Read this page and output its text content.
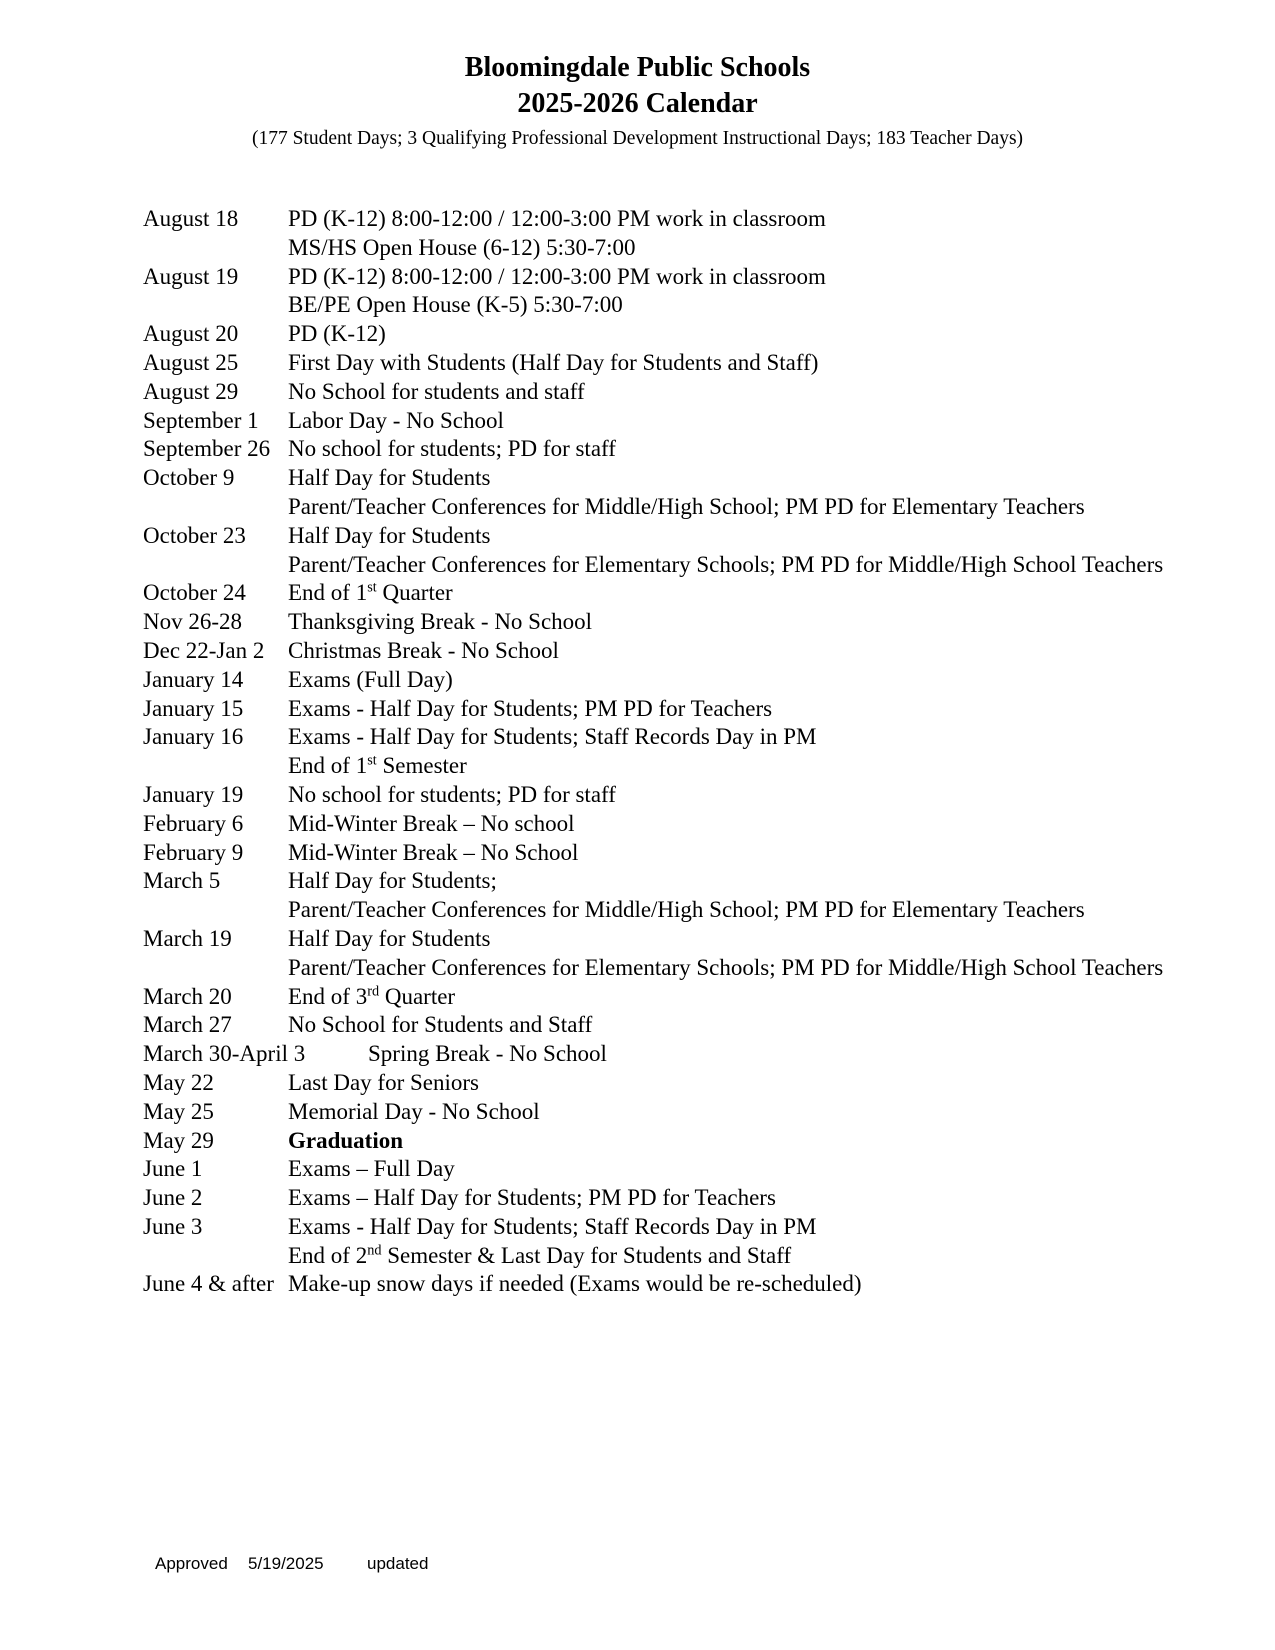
Bloomingdale Public Schools
2025-2026 Calendar

(177 Student Days; 3 Qualifying Professional Development Instructional Days; 183 Teacher Days)

August 18	PD (K-12) 8:00-12:00 / 12:00-3:00 PM work in classroom
MS/HS Open House (6-12) 5:30-7:00
August 19	PD (K-12) 8:00-12:00 / 12:00-3:00 PM work in classroom
BE/PE Open House (K-5) 5:30-7:00
August 20	PD (K-12)
August 25	First Day with Students (Half Day for Students and Staff)
August 29	No School for students and staff
September 1	Labor Day - No School
September 26 No school for students; PD for staff
October 9	Half Day for Students
Parent/Teacher Conferences for Middle/High School; PM PD for Elementary Teachers
October 23	Half Day for Students
Parent/Teacher Conferences for Elementary Schools; PM PD for Middle/High School Teachers
October 24	End of 1st Quarter
Nov 26-28	Thanksgiving Break - No School
Dec 22-Jan 2	Christmas Break - No School
January 14	Exams (Full Day)
January 15	Exams - Half Day for Students; PM PD for Teachers
January 16	Exams - Half Day for Students; Staff Records Day in PM
End of 1st Semester
January 19	No school for students; PD for staff
February 6	Mid-Winter Break – No school
February 9	Mid-Winter Break – No School
March 5	Half Day for Students;
Parent/Teacher Conferences for Middle/High School; PM PD for Elementary Teachers
March 19	Half Day for Students
Parent/Teacher Conferences for Elementary Schools; PM PD for Middle/High School Teachers
March 20	End of 3rd Quarter
March 27	No School for Students and Staff
March 30-April 3	Spring Break - No School
May 22	Last Day for Seniors
May 25	Memorial Day - No School
May 29	Graduation
June 1	Exams – Full Day
June 2	Exams – Half Day for Students; PM PD for Teachers
June 3	Exams - Half Day for Students; Staff Records Day in PM
End of 2nd Semester & Last Day for Students and Staff
June 4 & after Make-up snow days if needed (Exams would be re-scheduled)
Approved 5/19/2025	updated
